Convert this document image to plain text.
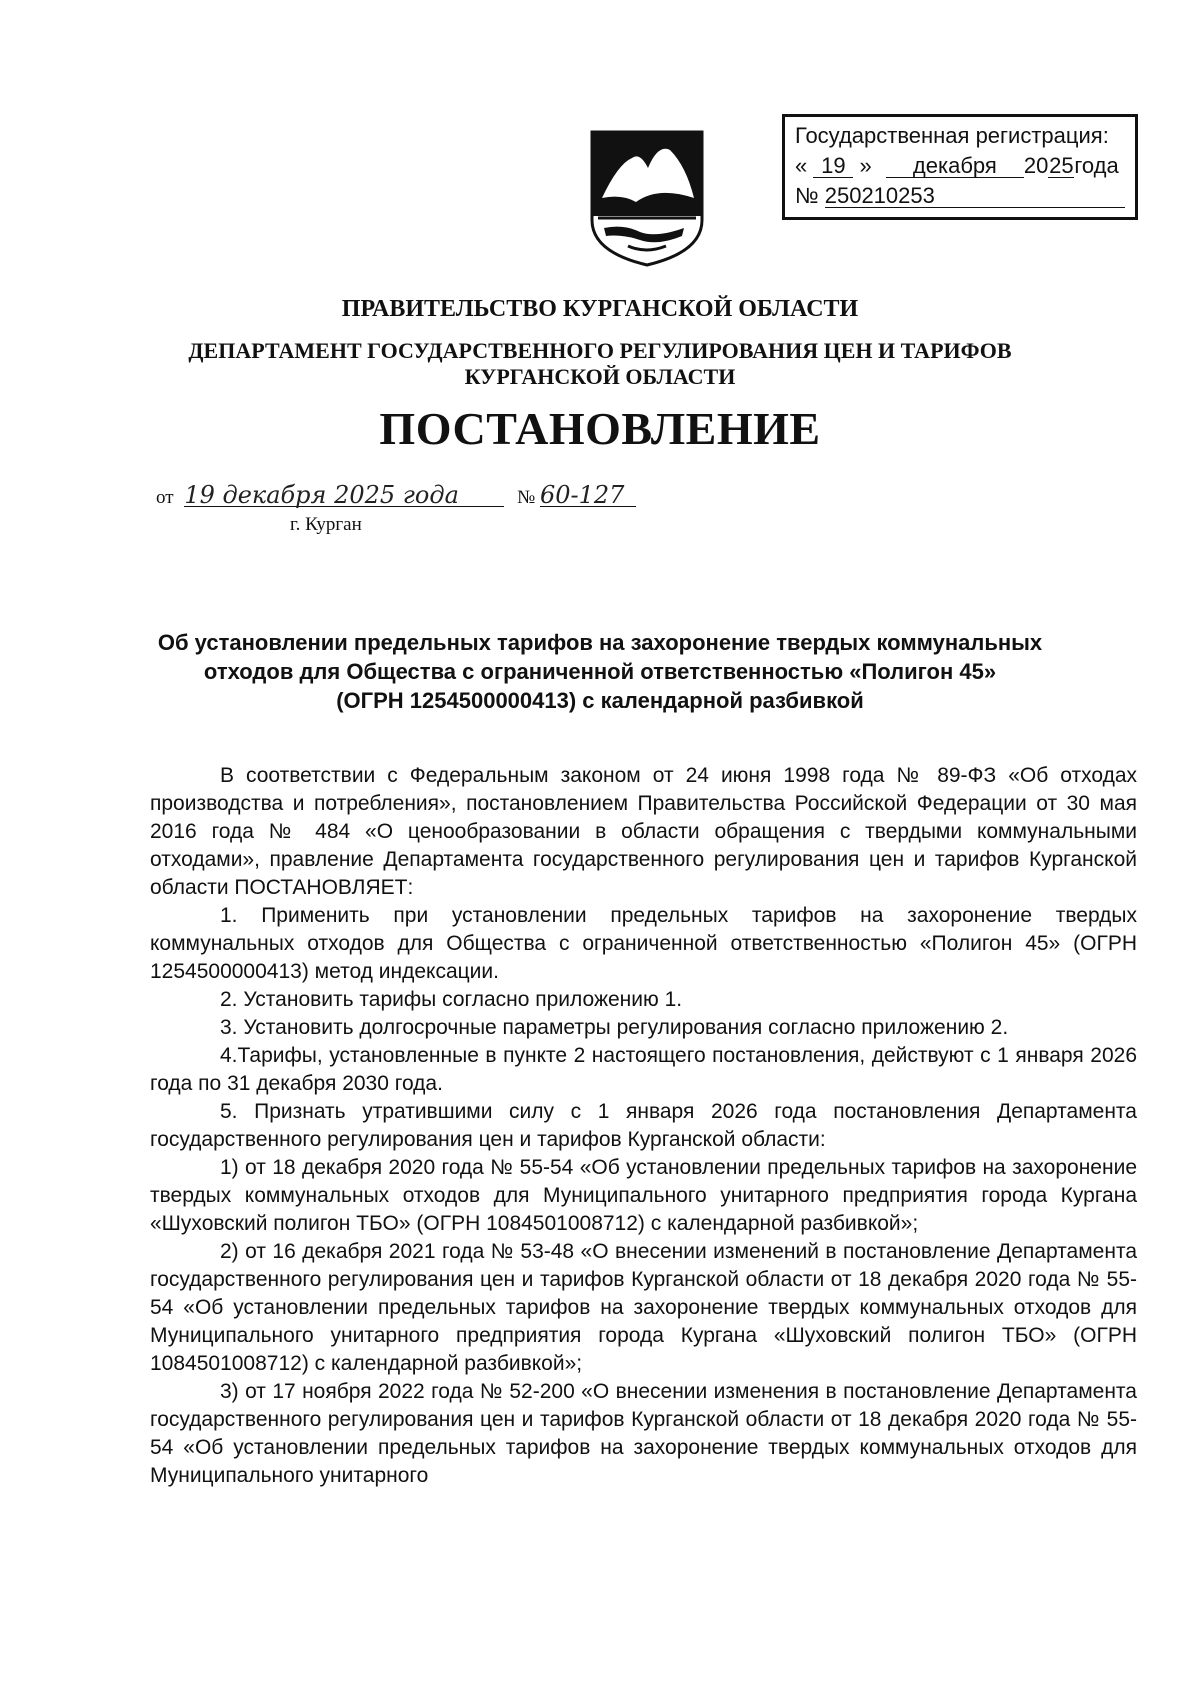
Государственная регистрация:
« 19 » декабря 2025года
№ 250210253
ПРАВИТЕЛЬСТВО КУРГАНСКОЙ ОБЛАСТИ
ДЕПАРТАМЕНТ ГОСУДАРСТВЕННОГО РЕГУЛИРОВАНИЯ ЦЕН И ТАРИФОВ
КУРГАНСКОЙ ОБЛАСТИ
ПОСТАНОВЛЕНИЕ
от 19 декабря 2025 года	№ 60-127
г. Курган
Об установлении предельных тарифов на захоронение твердых коммунальных
отходов для Общества с ограниченной ответственностью «Полигон 45»
(ОГРН 1254500000413) с календарной разбивкой

В соответствии с Федеральным законом от 24 июня 1998 года № 89-ФЗ «Об отходах производства и потребления», постановлением Правительства Российской Федерации от 30 мая 2016 года № 484 «О ценообразовании в области обращения с твердыми коммунальными отходами», правление Департамента государственного регулирования цен и тарифов Курганской области ПОСТАНОВЛЯЕТ:

1. Применить при установлении предельных тарифов на захоронение твердых коммунальных отходов для Общества с ограниченной ответственностью «Полигон 45» (ОГРН 1254500000413) метод индексации.

2. Установить тарифы согласно приложению 1.

3. Установить долгосрочные параметры регулирования согласно приложению 2.

4.Тарифы, установленные в пункте 2 настоящего постановления, действуют с 1 января 2026 года по 31 декабря 2030 года.

5. Признать утратившими силу с 1 января 2026 года постановления Департамента государственного регулирования цен и тарифов Курганской области:

1) от 18 декабря 2020 года № 55-54 «Об установлении предельных тарифов на захоронение твердых коммунальных отходов для Муниципального унитарного предприятия города Кургана «Шуховский полигон ТБО» (ОГРН 1084501008712) с календарной разбивкой»;

2) от 16 декабря 2021 года № 53-48 «О внесении изменений в постановление Департамента государственного регулирования цен и тарифов Курганской области от 18 декабря 2020 года № 55-54 «Об установлении предельных тарифов на захоронение твердых коммунальных отходов для Муниципального унитарного предприятия города Кургана «Шуховский полигон ТБО» (ОГРН 1084501008712) с календарной разбивкой»;

3) от 17 ноября 2022 года № 52-200 «О внесении изменения в постановление Департамента государственного регулирования цен и тарифов Курганской области от 18 декабря 2020 года № 55-54 «Об установлении предельных тарифов на захоронение твердых коммунальных отходов для Муниципального унитарного
